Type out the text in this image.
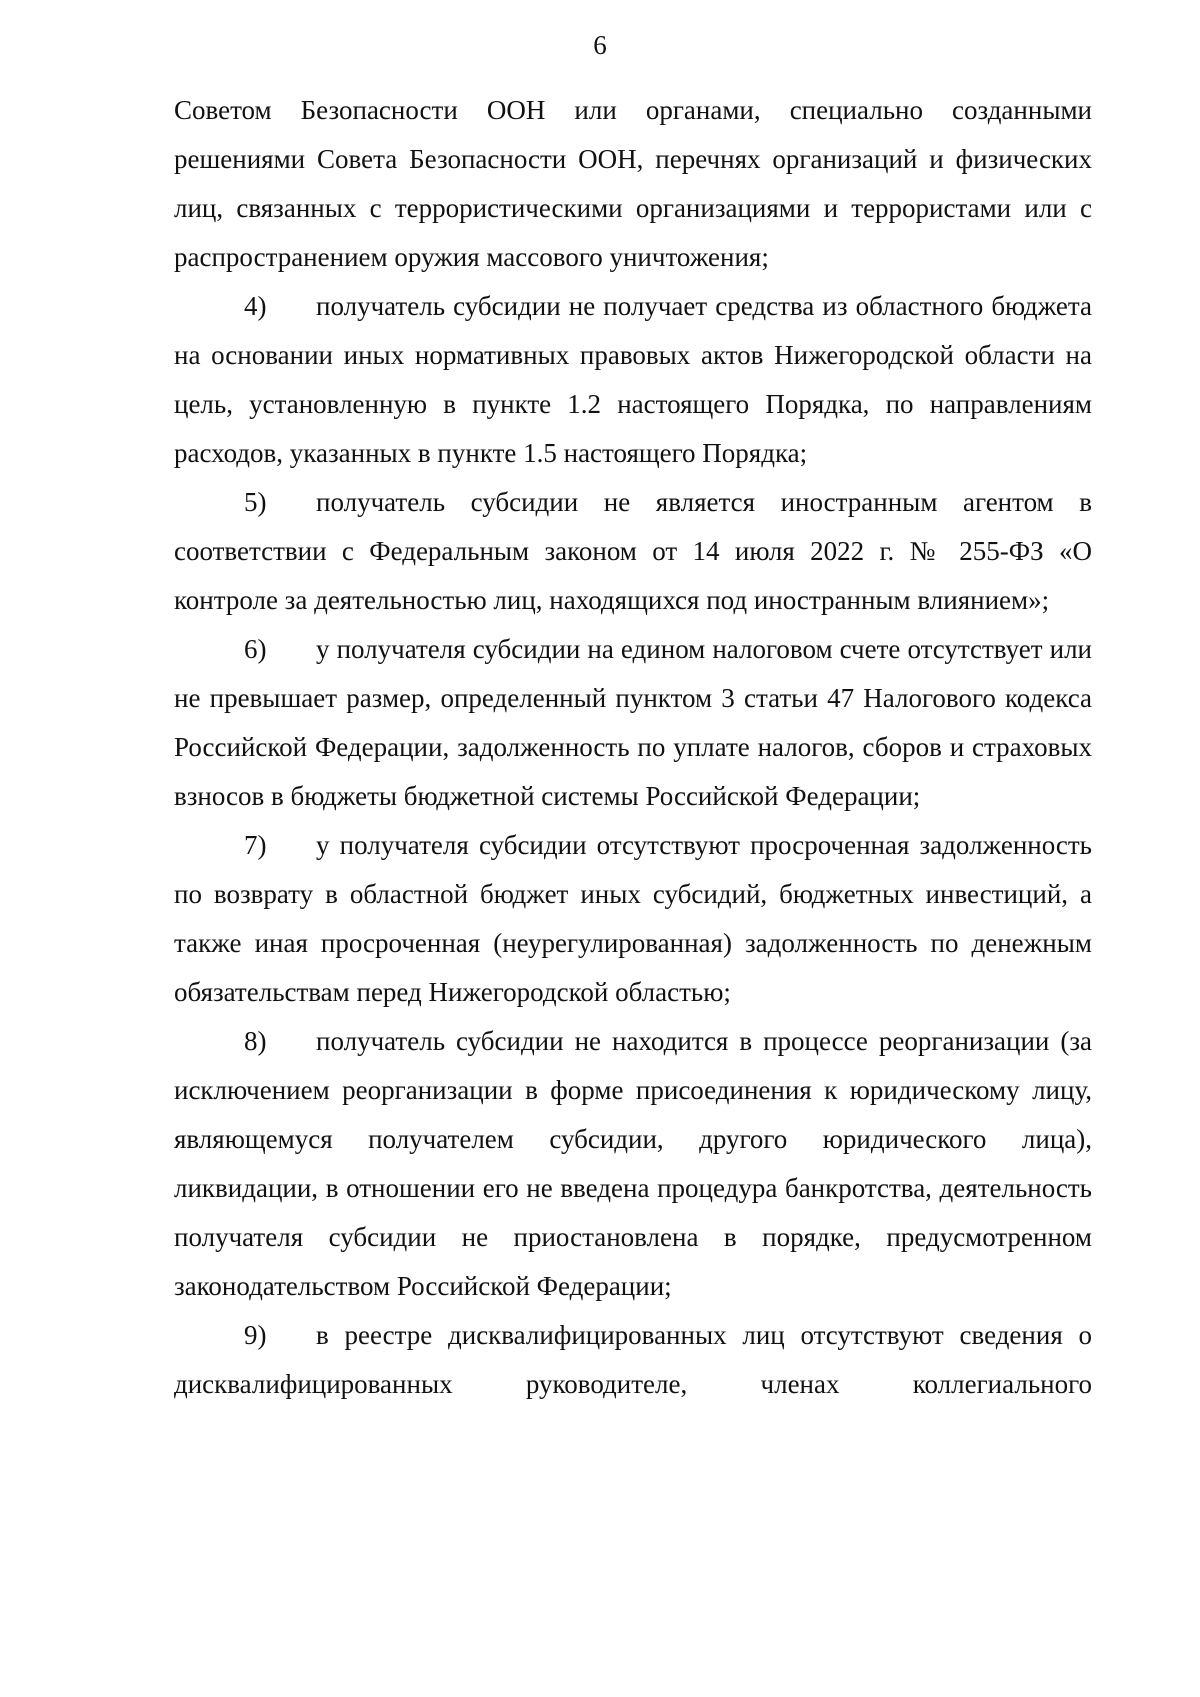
6

Советом Безопасности ООН или органами, специально созданными решениями Совета Безопасности ООН, перечнях организаций и физических лиц, связанных с террористическими организациями и террористами или с распространением оружия массового уничтожения;

4) получатель субсидии не получает средства из областного бюджета на основании иных нормативных правовых актов Нижегородской области на цель, установленную в пункте 1.2 настоящего Порядка, по направлениям расходов, указанных в пункте 1.5 настоящего Порядка;

5) получатель субсидии не является иностранным агентом в соответствии с Федеральным законом от 14 июля 2022 г. № 255-ФЗ «О контроле за деятельностью лиц, находящихся под иностранным влиянием»;

6) у получателя субсидии на едином налоговом счете отсутствует или не превышает размер, определенный пунктом 3 статьи 47 Налогового кодекса Российской Федерации, задолженность по уплате налогов, сборов и страховых взносов в бюджеты бюджетной системы Российской Федерации;

7) у получателя субсидии отсутствуют просроченная задолженность по возврату в областной бюджет иных субсидий, бюджетных инвестиций, а также иная просроченная (неурегулированная) задолженность по денежным обязательствам перед Нижегородской областью;

8) получатель субсидии не находится в процессе реорганизации (за исключением реорганизации в форме присоединения к юридическому лицу, являющемуся получателем субсидии, другого юридического лица), ликвидации, в отношении его не введена процедура банкротства, деятельность получателя субсидии не приостановлена в порядке, предусмотренном законодательством Российской Федерации;

9) в реестре дисквалифицированных лиц отсутствуют сведения о дисквалифицированных руководителе, членах коллегиального
